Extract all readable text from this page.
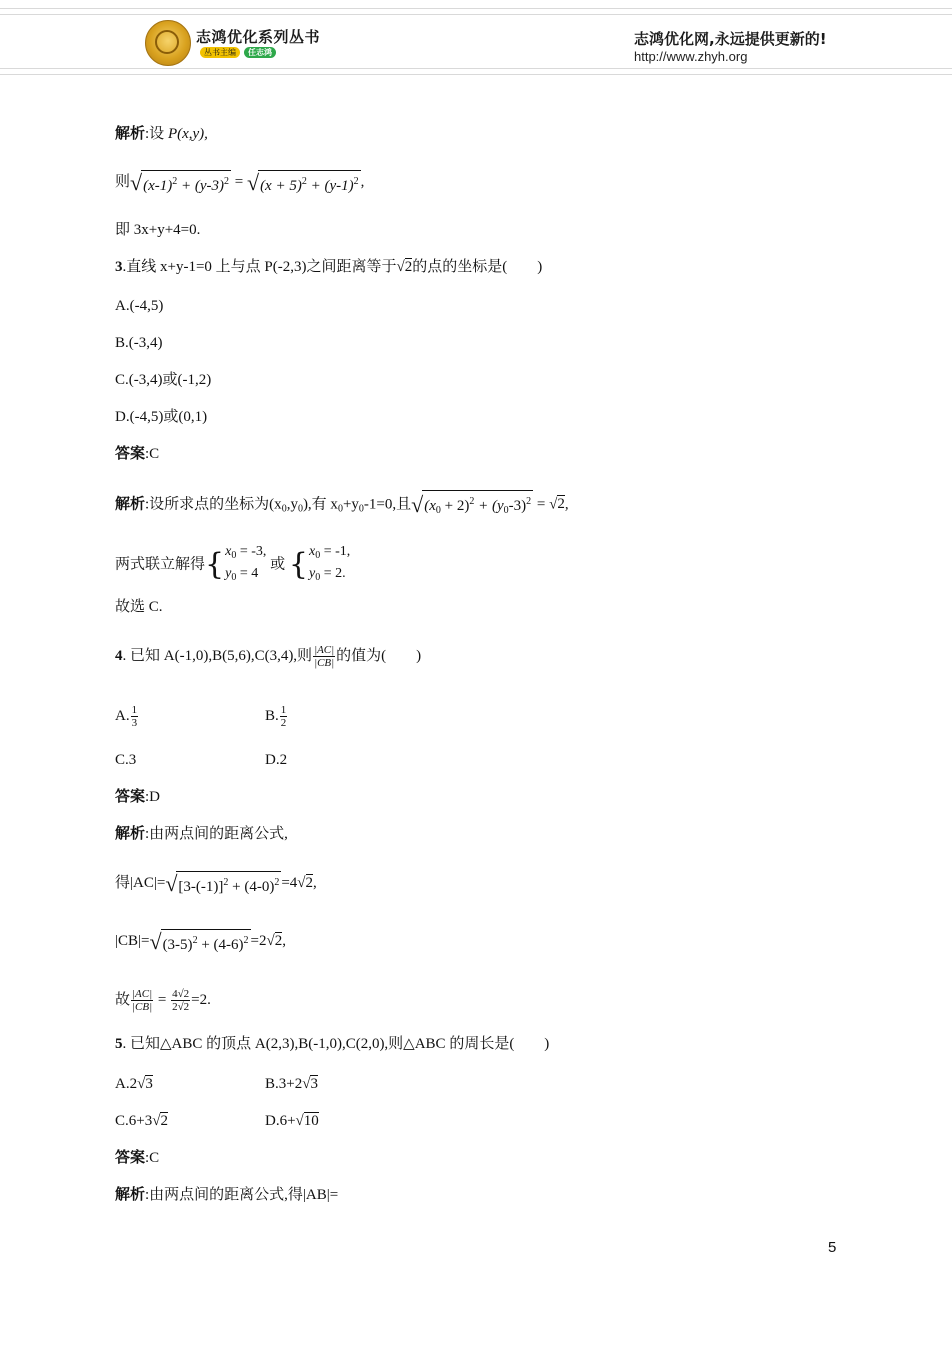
志鸿优化系列丛书
丛书主编	任志鸿
志鸿优化网,永远提供更新的!
http://www.zhyh.org
解析:设 P(x,y),
则$√(x-1)^2 + (y-3)^2 = √(x + 5)^2 + (y-1)^2$ ,
即 3x+y+4=0.
3.直线 x+y-1=0 上与点 P(-2,3)之间距离等于√2的点的坐标是(　　)
A.(-4,5)
B.(-3,4)
C.(-3,4)或(-1,2)
D.(-4,5)或(0,1)
答案:C
解析:设所求点的坐标为$(x_0,y_0)$,有 $x_0+y_0-1=0$,且$√(x_0 + 2)^2 + (y_0-3)^2 = √2$,
两式联立解得{ $x_0 = -3$,
$y_0 = 4$
或 { $x_0 = -1$,
$y_0 = 2$.
故选 C.
4. 已知 A(-1,0),B(5,6),C(3,4),则 $\frac{|AC|}{|CB|}$ 的值为(　　)
A. $\frac{1}{3}$	B. $\frac{1}{2}$
C.3	D.2
答案:D
解析:由两点间的距离公式,
得$|AC|=√[3-(-1)]^2 + (4-0)^2 =4√2$,
$|CB|=√(3-5)^2 + (4-6)^2 =2√2$,
故 $\frac{|AC|}{|CB|} = \frac{4√2}{2√2} =2$.
5. 已知△ABC 的顶点 A(2,3),B(-1,0),C(2,0),则△ABC 的周长是(　　)
A.2√3	B.3+2√3
C.6+3√2	D.6+√10
答案:C
解析:由两点间的距离公式,得|AB|=
5
